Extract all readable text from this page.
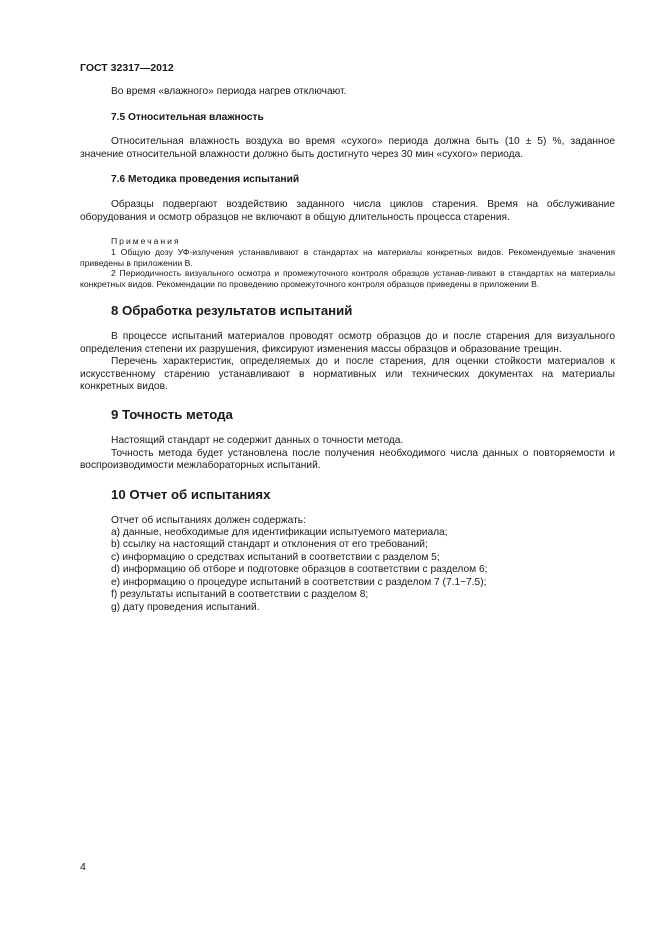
ГОСТ 32317—2012

Во время «влажного» периода нагрев отключают.

7.5 Относительная влажность

Относительная влажность воздуха во время «сухого» периода должна быть (10 ± 5) %, заданное значение относительной влажности должно быть достигнуто через 30 мин «сухого» периода.

7.6 Методика проведения испытаний

Образцы подвергают воздействию заданного числа циклов старения. Время на обслуживание оборудования и осмотр образцов не включают в общую длительность процесса старения.

Примечания

1 Общую дозу УФ-излучения устанавливают в стандартах на материалы конкретных видов. Рекомендуемые значения приведены в приложении В.

2 Периодичность визуального осмотра и промежуточного контроля образцов устанав-ливают в стандартах на материалы конкретных видов. Рекомендации по проведению промежуточного контроля образцов приведены в приложении В.

8 Обработка результатов испытаний

В процессе испытаний материалов проводят осмотр образцов до и после старения для визуального определения степени их разрушения, фиксируют изменения массы образцов и образование трещин.

Перечень характеристик, определяемых до и после старения, для оценки стойкости материалов к искусственному старению устанавливают в нормативных или технических документах на материалы конкретных видов.

9 Точность метода

Настоящий стандарт не содержит данных о точности метода.

Точность метода будет установлена после получения необходимого числа данных о повторяемости и воспроизводимости межлабораторных испытаний.

10 Отчет об испытаниях

Отчет об испытаниях должен содержать:

a) данные, необходимые для идентификации испытуемого материала;

b) ссылку на настоящий стандарт и отклонения от его требований;

c) информацию о средствах испытаний в соответствии с разделом 5;

d) информацию об отборе и подготовке образцов в соответствии с разделом 6;

e) информацию о процедуре испытаний в соответствии с разделом 7 (7.1−7.5);

f) результаты испытаний в соответствии с разделом 8;

g) дату проведения испытаний.

4
